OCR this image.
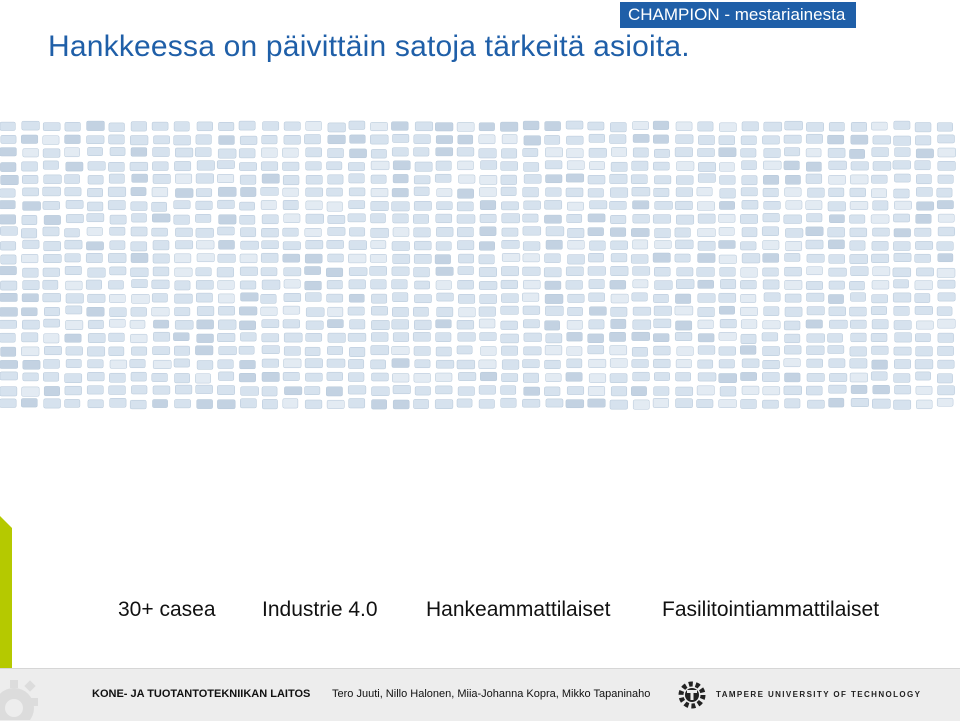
Hankkeessa on päivittäin satoja tärkeitä asioita.
CHAMPION - mestariainesta
30+ casea Industrie 4.0 Hankeammattilaiset Fasilitointiammattilaiset
KONE- JA TUOTANTOTEKNIIKAN LAITOS Tero Juuti, Nillo Halonen, Miia-Johanna Kopra, Mikko Tapaninaho	TAMPERE UNIVERSITY OF TECHNOLOGY
